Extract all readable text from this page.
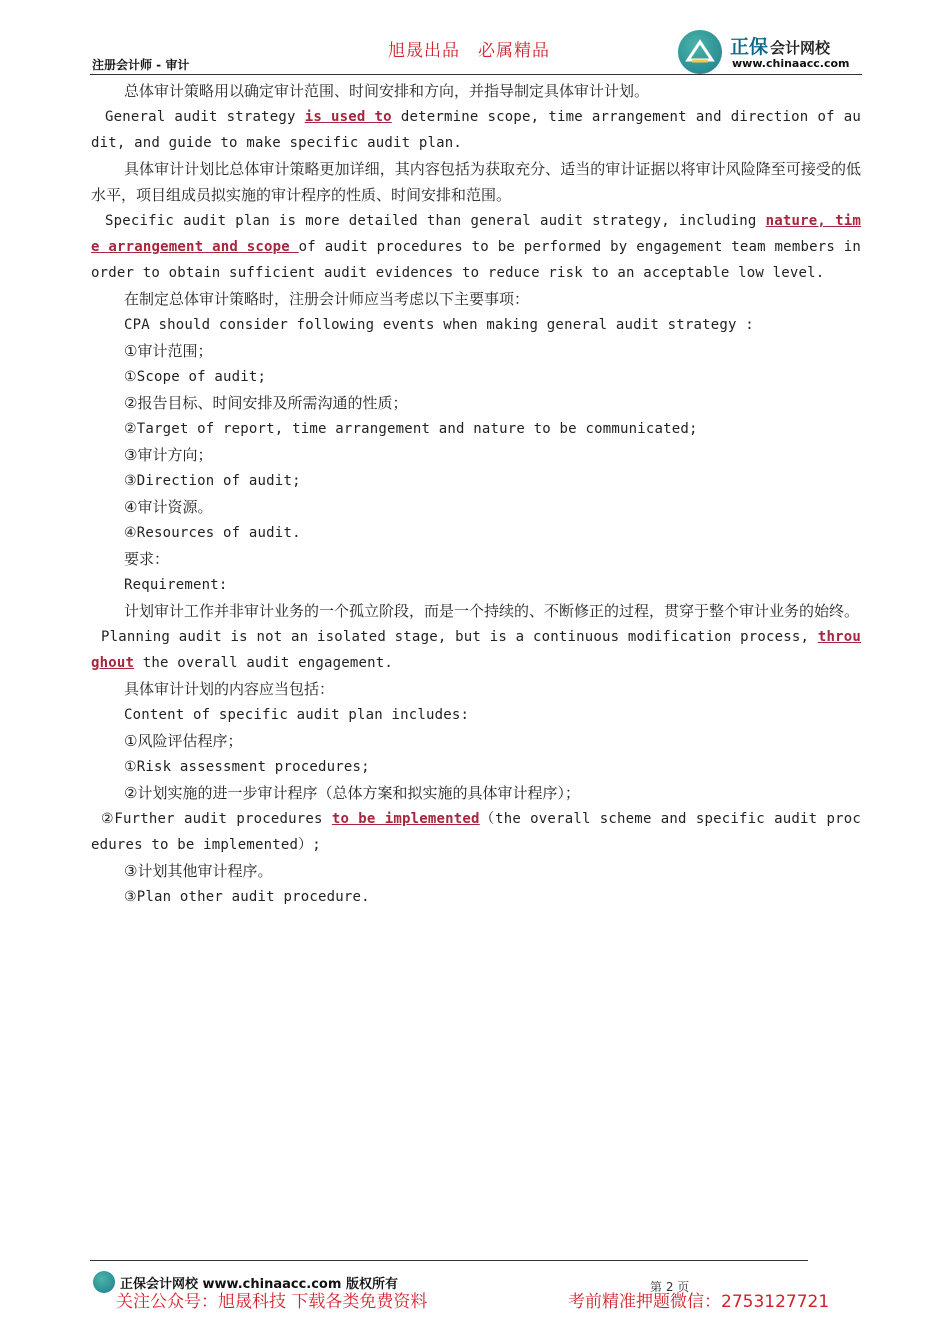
注册会计师 - 审计
旭晟出品 必属精品	正保 会计网校
www.chinaacc.com

总体审计策略用以确定审计范围、时间安排和方向，并指导制定具体审计计划。

General audit strategy is used to determine scope, time arrangement and direction of audit, and guide to make specific audit plan.

具体审计计划比总体审计策略更加详细，其内容包括为获取充分、适当的审计证据以将审计风险降至可接受的低水平，项目组成员拟实施的审计程序的性质、时间安排和范围。

Specific audit plan is more detailed than general audit strategy, including nature, time arrangement and scope of audit procedures to be performed by engagement team members in order to obtain sufficient audit evidences to reduce risk to an acceptable low level.

在制定总体审计策略时，注册会计师应当考虑以下主要事项：

CPA should consider following events when making general audit strategy :

①审计范围；

①Scope of audit;

②报告目标、时间安排及所需沟通的性质；

②Target of report, time arrangement and nature to be communicated;

③审计方向；

③Direction of audit;

④审计资源。

④Resources of audit.

要求：

Requirement:

计划审计工作并非审计业务的一个孤立阶段，而是一个持续的、不断修正的过程，贯穿于整个审计业务的始终。

Planning audit is not an isolated stage, but is a continuous modification process, throughout the overall audit engagement.

具体审计计划的内容应当包括：

Content of specific audit plan includes:

①风险评估程序；

①Risk assessment procedures;

②计划实施的进一步审计程序（总体方案和拟实施的具体审计程序）；

②Further audit procedures to be implemented（the overall scheme and specific audit procedures to be implemented）;

③计划其他审计程序。

③Plan other audit procedure.

正保会计网校 www.chinaacc.com 版权所有	第 2 页
关注公众号：旭晟科技 下载各类免费资料	考前精准押题微信：2753127721
